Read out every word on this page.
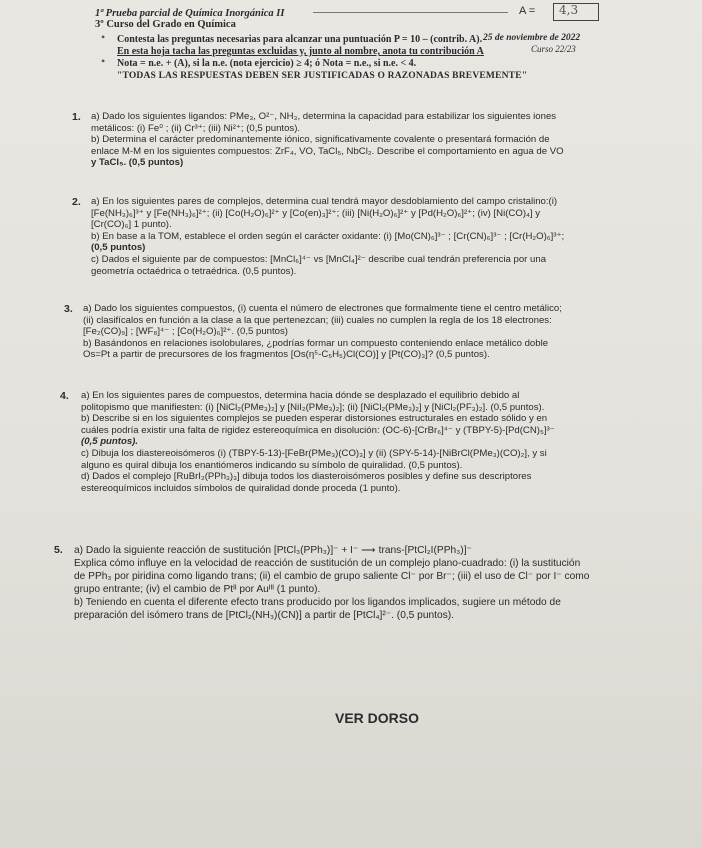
A = 4,3
1ª Prueba parcial de Química Inorgánica II
3º Curso del Grado en Química
25 de noviembre de 2022
Curso 22/23
• Contesta las preguntas necesarias para alcanzar una puntuación P = 10 – (contrib. A).
En esta hoja tacha las preguntas excluidas y, junto al nombre, anota tu contribución A
• Nota = n.e. + (A), si la n.e. (nota ejercicio) ≥ 4; ó Nota = n.e., si n.e. < 4.
"TODAS LAS RESPUESTAS DEBEN SER JUSTIFICADAS O RAZONADAS BREVEMENTE"
1. a) Dado los siguientes ligandos: PMe₃, O²⁻, NH₃, determina la capacidad para estabilizar los siguientes iones

metálicos: (i) Fe⁰ ; (ii) Cr³⁺; (iii) Ni²⁺; (0,5 puntos).

b) Determina el carácter predominantemente iónico, significativamente covalente o presentará formación de

enlace M-M en los siguientes compuestos: ZrF₄, VO, TaCl₅, NbCl₂. Describe el comportamiento en agua de VO

y TaCl₅. (0,5 puntos)

2. a) En los siguientes pares de complejos, determina cual tendrá mayor desdoblamiento del campo cristalino:(i)

[Fe(NH₃)₆]³⁺ y [Fe(NH₃)₆]²⁺; (ii) [Co(H₂O)₆]²⁺ y [Co(en)₃]²⁺; (iii) [Ni(H₂O)₆]²⁺ y [Pd(H₂O)₆]²⁺; (iv) [Ni(CO)₄] y

[Cr(CO)₆] 1 punto).

b) En base a la TOM, establece el orden según el carácter oxidante: (i) [Mo(CN)₆]³⁻ ; [Cr(CN)₆]³⁻ ; [Cr(H₂O)₆]³⁺;

(0,5 puntos)

c) Dados el siguiente par de compuestos: [MnCl₆]⁴⁻ vs [MnCl₄]²⁻ describe cual tendrán preferencia por una

geometría octaédrica o tetraédrica. (0,5 puntos).

3. a) Dado los siguientes compuestos, (i) cuenta el número de electrones que formalmente tiene el centro metálico;

(ii) clasifícalos en función a la clase a la que pertenezcan; (iii) cuales no cumplen la regla de los 18 electrones:

[Fe₂(CO)₉] ; [WF₈]⁴⁻ ; [Co(H₂O)₆]²⁺. (0,5 puntos)

b) Basándonos en relaciones isolobulares, ¿podrías formar un compuesto conteniendo enlace metálico doble

Os=Pt a partir de precursores de los fragmentos [Os(η⁵-C₅H₅)Cl(CO)] y [Pt(CO)₃]? (0,5 puntos).

4. a) En los siguientes pares de compuestos, determina hacia dónde se desplazado el equilibrio debido al

politopismo que manifiesten: (i) [NiCl₂(PMe₃)₂] y [NiI₂(PMe₃)₂]; (ii) [NiCl₂(PMe₃)₂] y [NiCl₂(PF₃)₂]. (0,5 puntos).

b) Describe si en los siguientes complejos se pueden esperar distorsiones estructurales en estado sólido y en

cuáles podría existir una falta de rigidez estereoquímica en disolución: (OC-6)-[CrBr₆]⁴⁻ y (TBPY-5)-[Pd(CN)₅]³⁻

(0,5 puntos).

c) Dibuja los diastereoisómeros (i) (TBPY-5-13)-[FeBr(PMe₃)(CO)₃] y (ii) (SPY-5-14)-[NiBrCl(PMe₃)(CO)₂], y si

alguno es quiral dibuja los enantiómeros indicando su símbolo de quiralidad. (0,5 puntos).

d) Dados el complejo [RuBrI₂(PPh₃)₃] dibuja todos los diasteroisómeros posibles y define sus descriptores

estereoquímicos incluidos símbolos de quiralidad donde proceda (1 punto).

5. a) Dado la siguiente reacción de sustitución [PtCl₃(PPh₃)]⁻ + I⁻ ⟶ trans-[PtCl₂I(PPh₃)]⁻

Explica cómo influye en la velocidad de reacción de sustitución de un complejo plano-cuadrado: (i) la sustitución

de PPh₃ por piridina como ligando trans; (ii) el cambio de grupo saliente Cl⁻ por Br⁻; (iii) el uso de Cl⁻ por I⁻ como

grupo entrante; (iv) el cambio de Ptᴵᴵ por Auᴵᴵᴵ (1 punto).

b) Teniendo en cuenta el diferente efecto trans producido por los ligandos implicados, sugiere un método de

preparación del isómero trans de [PtCl₂(NH₃)(CN)] a partir de [PtCl₄]²⁻. (0,5 puntos).

VER DORSO
